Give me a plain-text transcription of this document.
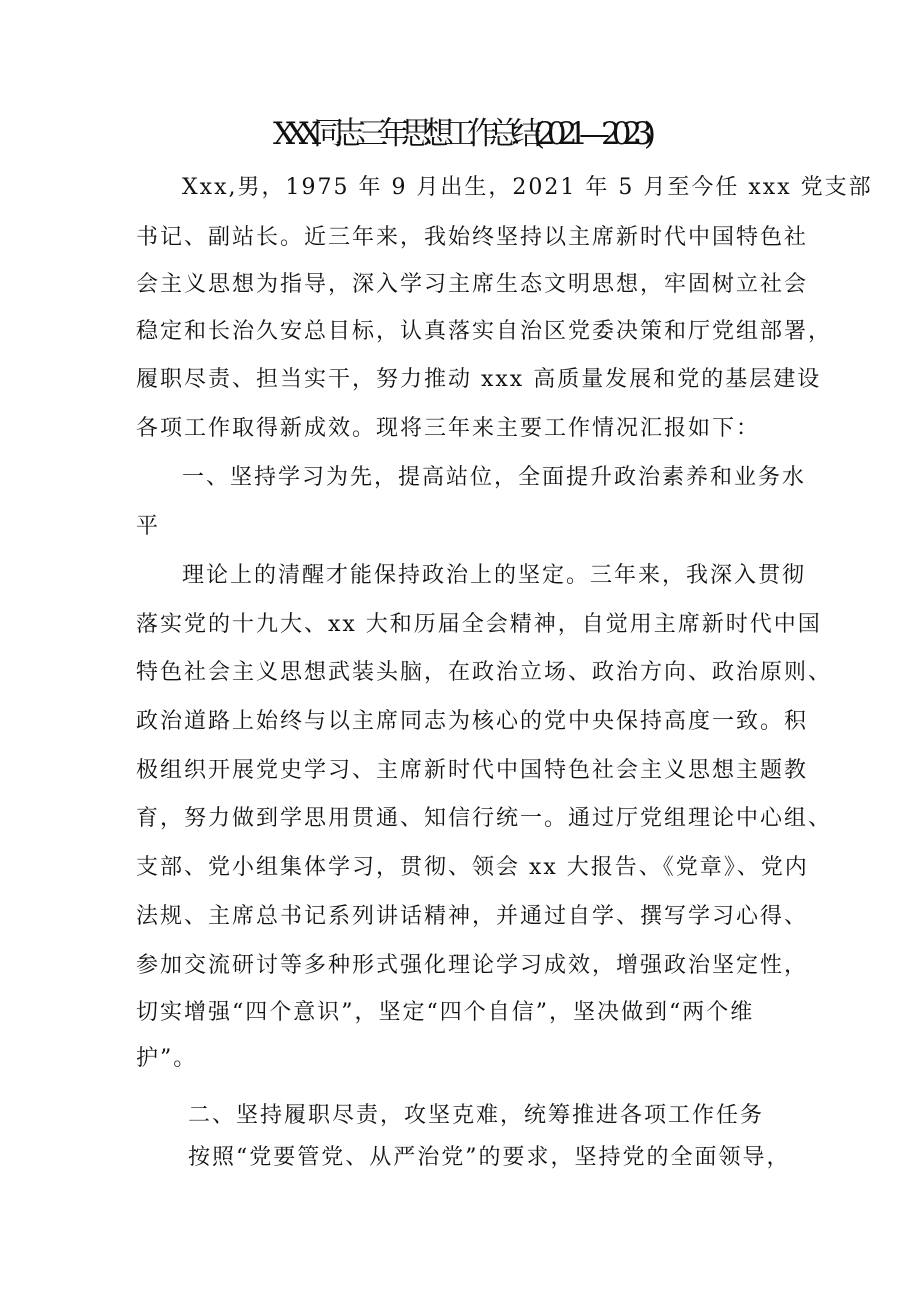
XXX 同志三年思想工作总结(2021—2023)
Xxx,男，1975 年 9 月出生，2021 年 5 月至今任 xxx 党支部
书记、副站长。近三年来，我始终坚持以主席新时代中国特色社
会主义思想为指导，深入学习主席生态文明思想，牢固树立社会
稳定和长治久安总目标，认真落实自治区党委决策和厅党组部署，
履职尽责、担当实干，努力推动 xxx 高质量发展和党的基层建设
各项工作取得新成效。现将三年来主要工作情况汇报如下：
一、坚持学习为先，提高站位，全面提升政治素养和业务水
平
理论上的清醒才能保持政治上的坚定。三年来，我深入贯彻
落实党的十九大、xx 大和历届全会精神，自觉用主席新时代中国
特色社会主义思想武装头脑，在政治立场、政治方向、政治原则、
政治道路上始终与以主席同志为核心的党中央保持高度一致。积
极组织开展党史学习、主席新时代中国特色社会主义思想主题教
育，努力做到学思用贯通、知信行统一。通过厅党组理论中心组、
支部、党小组集体学习，贯彻、领会 xx 大报告、《党章》、党内
法规、主席总书记系列讲话精神，并通过自学、撰写学习心得、
参加交流研讨等多种形式强化理论学习成效，增强政治坚定性，
切实增强“四个意识”，坚定“四个自信”，坚决做到“两个维
护”。
二、坚持履职尽责，攻坚克难，统筹推进各项工作任务
按照“党要管党、从严治党”的要求，坚持党的全面领导，
